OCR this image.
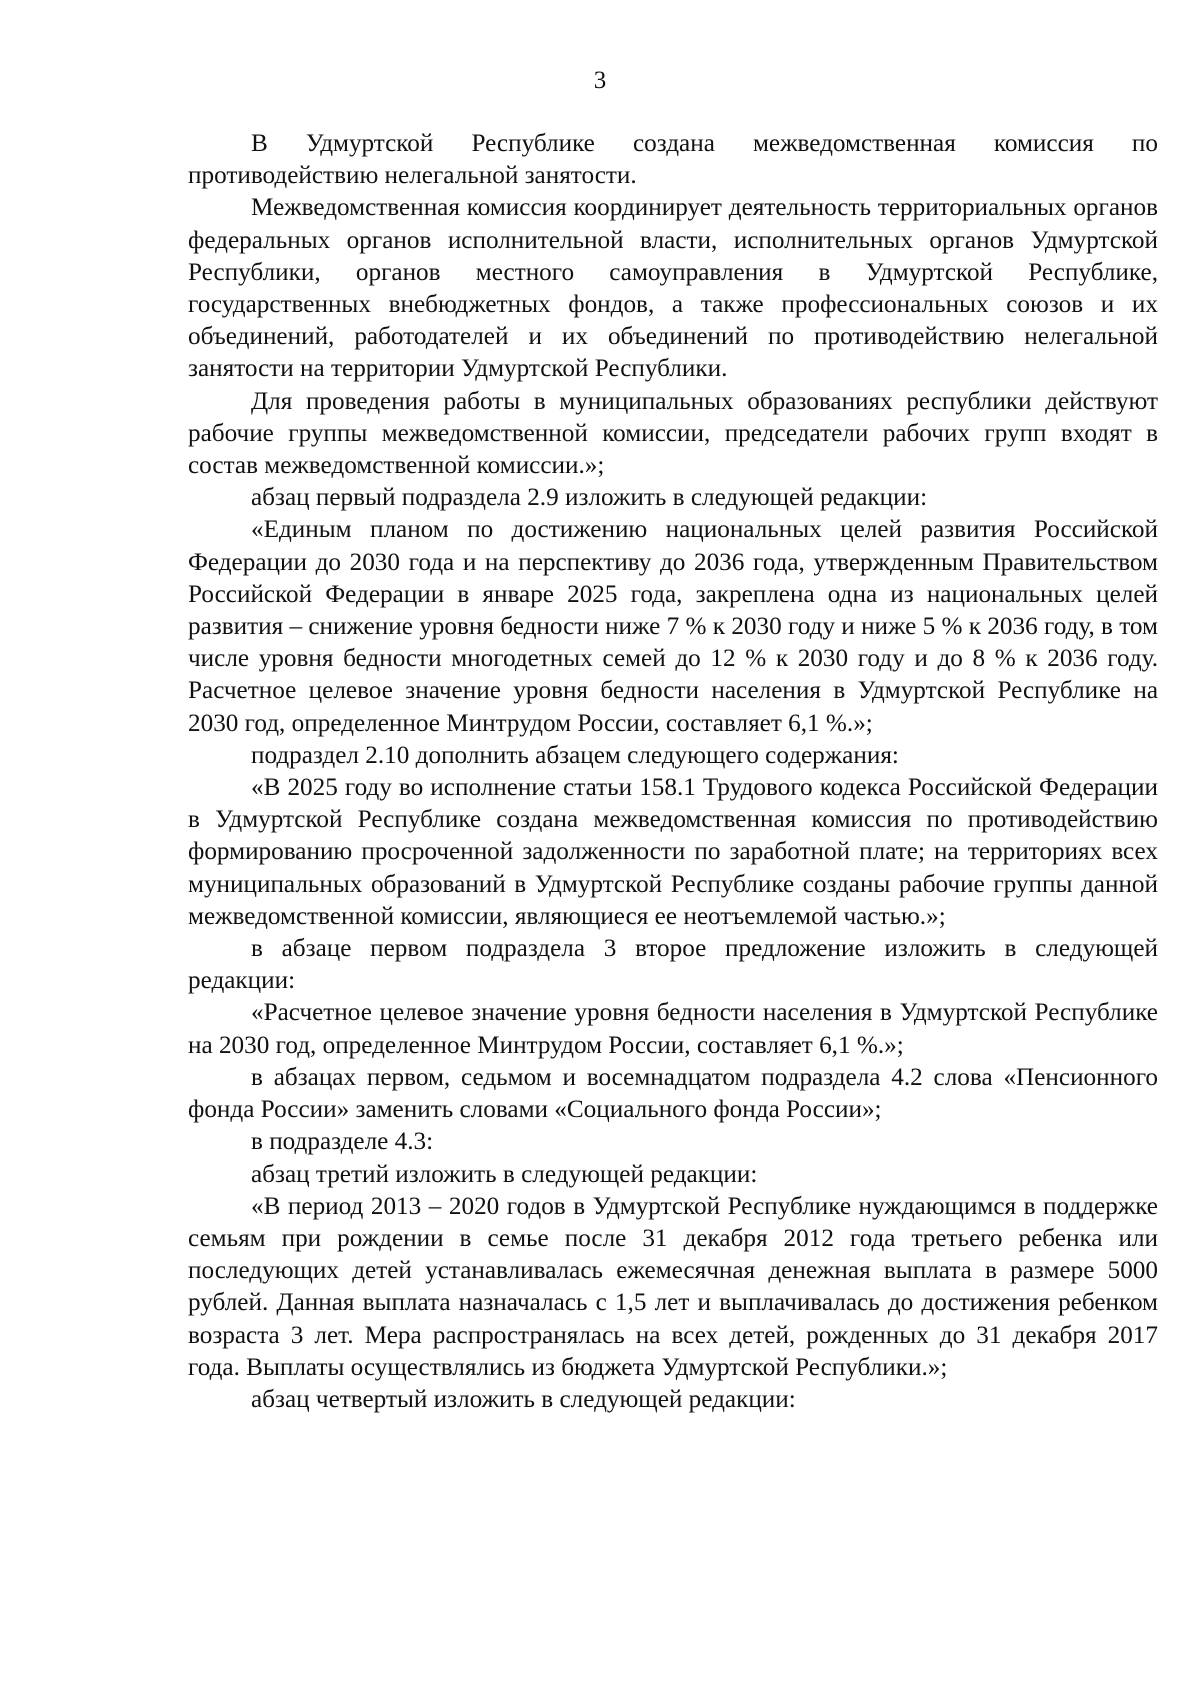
3

В Удмуртской Республике создана межведомственная комиссия по противодействию нелегальной занятости.

Межведомственная комиссия координирует деятельность территориальных органов федеральных органов исполнительной власти, исполнительных органов Удмуртской Республики, органов местного самоуправления в Удмуртской Республике, государственных внебюджетных фондов, а также профессиональных союзов и их объединений, работодателей и их объединений по противодействию нелегальной занятости на территории Удмуртской Республики.

Для проведения работы в муниципальных образованиях республики действуют рабочие группы межведомственной комиссии, председатели рабочих групп входят в состав межведомственной комиссии.»;

абзац первый подраздела 2.9 изложить в следующей редакции:

«Единым планом по достижению национальных целей развития Российской Федерации до 2030 года и на перспективу до 2036 года, утвержденным Правительством Российской Федерации в январе 2025 года, закреплена одна из национальных целей развития – снижение уровня бедности ниже 7 % к 2030 году и ниже 5 % к 2036 году, в том числе уровня бедности многодетных семей до 12 % к 2030 году и до 8 % к 2036 году. Расчетное целевое значение уровня бедности населения в Удмуртской Республике на 2030 год, определенное Минтрудом России, составляет 6,1 %.»;

подраздел 2.10 дополнить абзацем следующего содержания:

«В 2025 году во исполнение статьи 158.1 Трудового кодекса Российской Федерации в Удмуртской Республике создана межведомственная комиссия по противодействию формированию просроченной задолженности по заработной плате; на территориях всех муниципальных образований в Удмуртской Республике созданы рабочие группы данной межведомственной комиссии, являющиеся ее неотъемлемой частью.»;

в абзаце первом подраздела 3 второе предложение изложить в следующей редакции:

«Расчетное целевое значение уровня бедности населения в Удмуртской Республике на 2030 год, определенное Минтрудом России, составляет 6,1 %.»;

в абзацах первом, седьмом и восемнадцатом подраздела 4.2 слова «Пенсионного фонда России» заменить словами «Социального фонда России»;

в подразделе 4.3:

абзац третий изложить в следующей редакции:

«В период 2013 – 2020 годов в Удмуртской Республике нуждающимся в поддержке семьям при рождении в семье после 31 декабря 2012 года третьего ребенка или последующих детей устанавливалась ежемесячная денежная выплата в размере 5000 рублей. Данная выплата назначалась с 1,5 лет и выплачивалась до достижения ребенком возраста 3 лет. Мера распространялась на всех детей, рожденных до 31 декабря 2017 года. Выплаты осуществлялись из бюджета Удмуртской Республики.»;

абзац четвертый изложить в следующей редакции:
